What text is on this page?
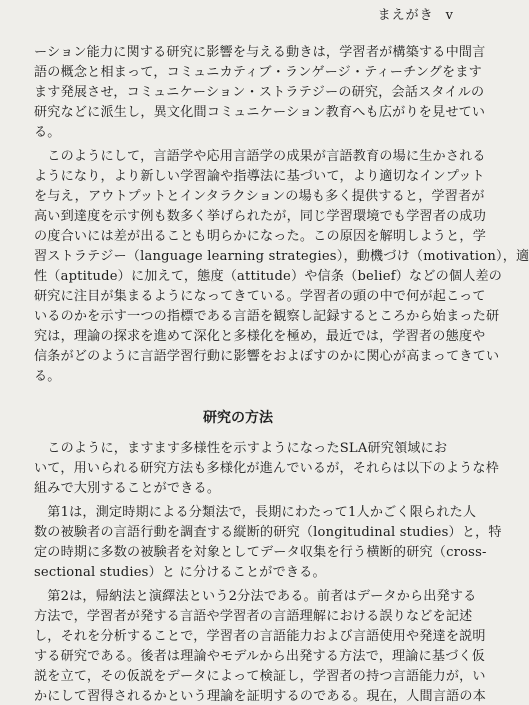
まえがき v
ーション能力に関する研究に影響を与える動きは，学習者が構築する中間言
語の概念と相まって，コミュニカティブ・ランゲージ・ティーチングをます
ます発展させ，コミュニケーション・ストラテジーの研究，会話スタイルの
研究などに派生し，異文化間コミュニケーション教育へも広がりを見せてい
る。
　このようにして，言語学や応用言語学の成果が言語教育の場に生かされる
ようになり，より新しい学習論や指導法に基づいて，より適切なインプット
を与え，アウトプットとインタラクションの場も多く提供すると，学習者が
高い到達度を示す例も数多く挙げられたが，同じ学習環境でも学習者の成功
の度合いには差が出ることも明らかになった。この原因を解明しようと，学
習ストラテジー（language learning strategies），動機づけ（motivation），適
性（aptitude）に加えて，態度（attitude）や信条（belief）などの個人差の
研究に注目が集まるようになってきている。学習者の頭の中で何が起こって
いるのかを示す一つの指標である言語を観察し記録するところから始まった研
究は，理論の探求を進めて深化と多様化を極め，最近では，学習者の態度や
信条がどのように言語学習行動に影響をおよぼすのかに関心が高まってきてい
る。
研究の方法
　このように，ますます多様性を示すようになったSLA研究領域にお
いて，用いられる研究方法も多様化が進んでいるが，それらは以下のような枠
組みで大別することができる。
　第1は，測定時期による分類法で，長期にわたって1人かごく限られた人
数の被験者の言語行動を調査する縦断的研究（longitudinal studies）と，特
定の時期に多数の被験者を対象としてデータ収集を行う横断的研究（cross-
sectional studies）と に分けることができる。
　第2は，帰納法と演繹法という2分法である。前者はデータから出発する
方法で，学習者が発する言語や学習者の言語理解における誤りなどを記述
し，それを分析することで，学習者の言語能力および言語使用や発達を説明
する研究である。後者は理論やモデルから出発する方法で，理論に基づく仮
説を立て，その仮説をデータによって検証し，学習者の持つ言語能力が，い
かにして習得されるかという理論を証明するのである。現在，人間言語の本
